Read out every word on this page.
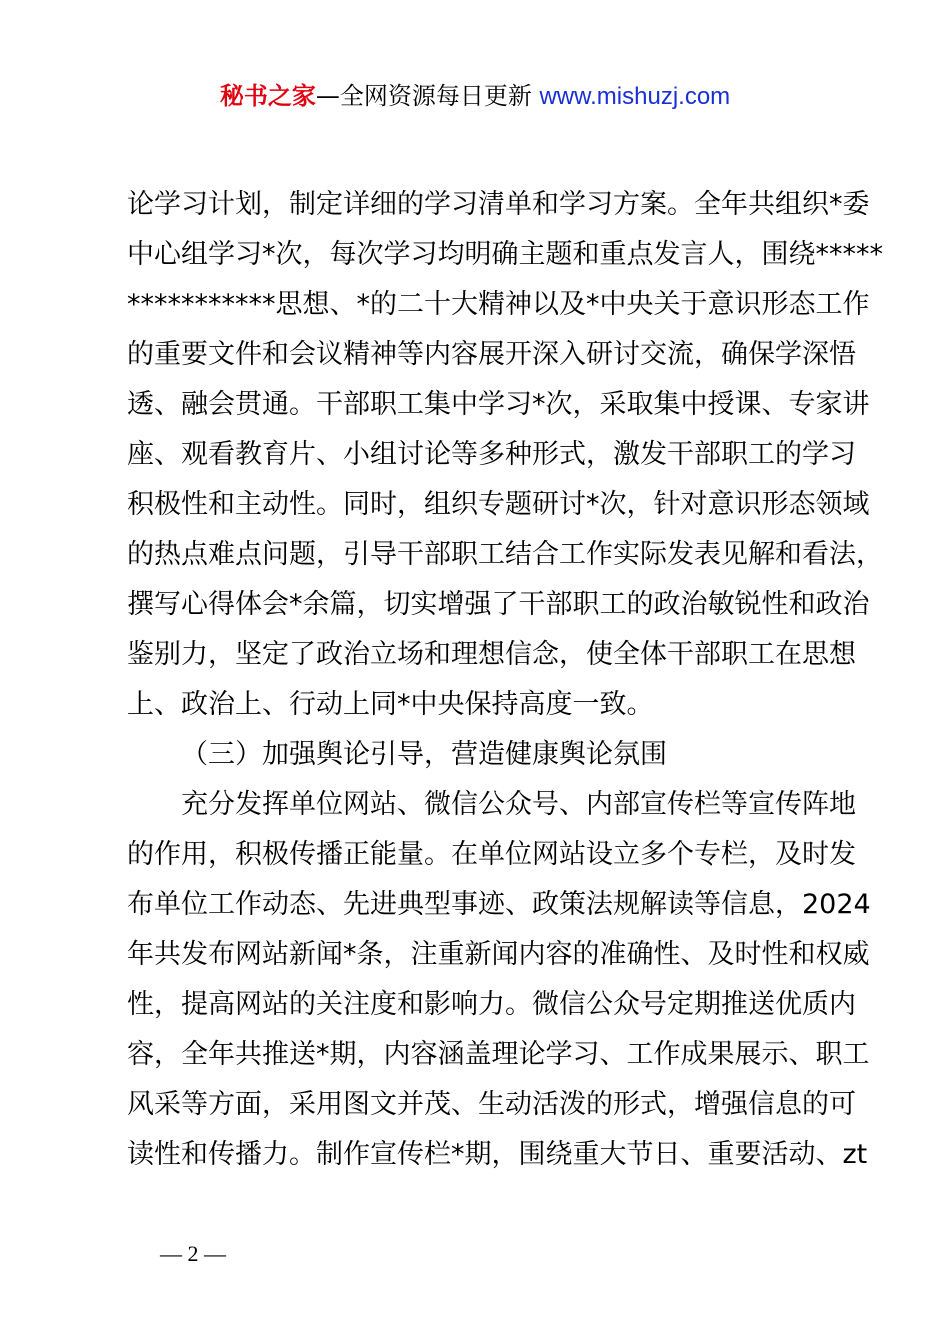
秘书之家—全网资源每日更新 www.mishuzj.com
论学习计划，制定详细的学习清单和学习方案。全年共组织*委
中心组学习*次，每次学习均明确主题和重点发言人，围绕*****
***********思想、*的二十大精神以及*中央关于意识形态工作
的重要文件和会议精神等内容展开深入研讨交流，确保学深悟
透、融会贯通。干部职工集中学习*次，采取集中授课、专家讲
座、观看教育片、小组讨论等多种形式，激发干部职工的学习
积极性和主动性。同时，组织专题研讨*次，针对意识形态领域
的热点难点问题，引导干部职工结合工作实际发表见解和看法，
撰写心得体会*余篇，切实增强了干部职工的政治敏锐性和政治
鉴别力，坚定了政治立场和理想信念，使全体干部职工在思想
上、政治上、行动上同*中央保持高度一致。
（三）加强舆论引导，营造健康舆论氛围
充分发挥单位网站、微信公众号、内部宣传栏等宣传阵地
的作用，积极传播正能量。在单位网站设立多个专栏，及时发
布单位工作动态、先进典型事迹、政策法规解读等信息，2024
年共发布网站新闻*条，注重新闻内容的准确性、及时性和权威
性，提高网站的关注度和影响力。微信公众号定期推送优质内
容，全年共推送*期，内容涵盖理论学习、工作成果展示、职工
风采等方面，采用图文并茂、生动活泼的形式，增强信息的可
读性和传播力。制作宣传栏*期，围绕重大节日、重要活动、zt
— 2 —
